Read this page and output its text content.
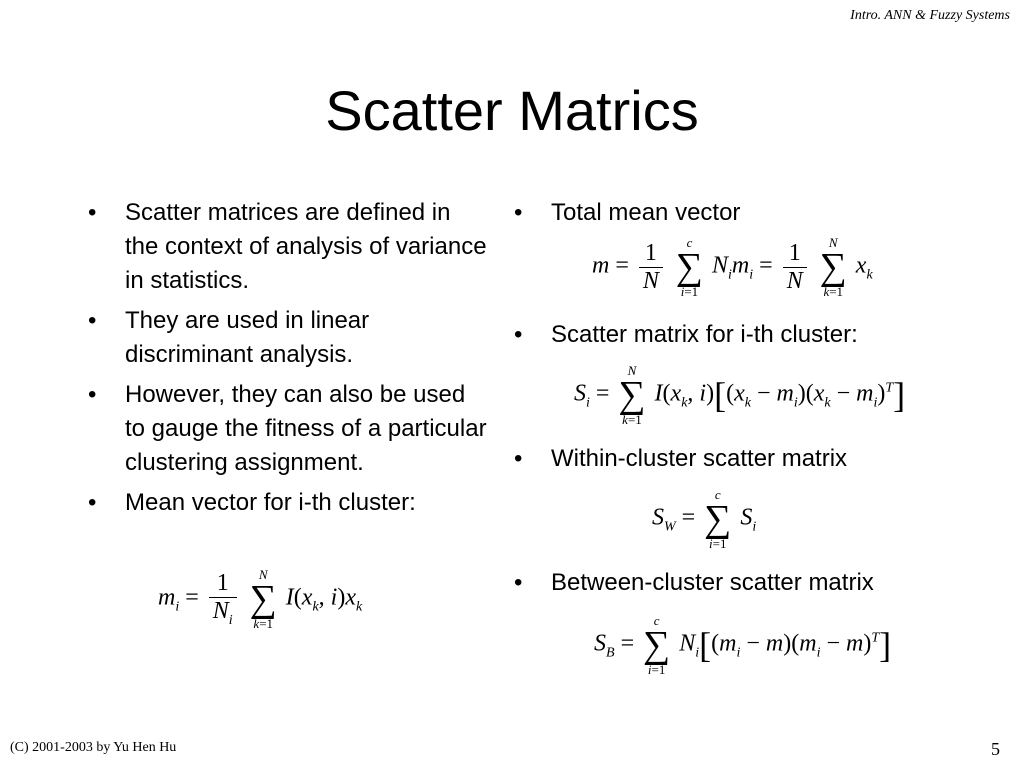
Intro. ANN & Fuzzy Systems
Scatter Matrics
• Scatter matrices are defined in the context of analysis of variance in statistics.
• They are used in linear discriminant analysis.
• However, they can also be used to gauge the fitness of a particular clustering assignment.
• Mean vector for i-th cluster:
• Total mean vector
• Scatter matrix for i-th cluster:
• Within-cluster scatter matrix
• Between-cluster scatter matrix
$m_i = \frac{1}{N_i}$
	N
∑
k=1
$I(x_k$, $i)x_k$
$m = \frac{1}{N}$
	c
∑
i=1
$N_im_i = \frac{1}{N}$
	N
∑
k=1
$x_k$
$S_i$ =
N
∑
k=1
$I(x_k$, $i)[(x_k - m_i)(x_k - m_i)^T]$
$S_W$ =
c
∑
i=1
$S_i$
$S_B$ =
c
∑
i=1
$N_i[(m_i - m)(m_i - m)^T]$
(C) 2001-2003 by Yu Hen Hu	5
